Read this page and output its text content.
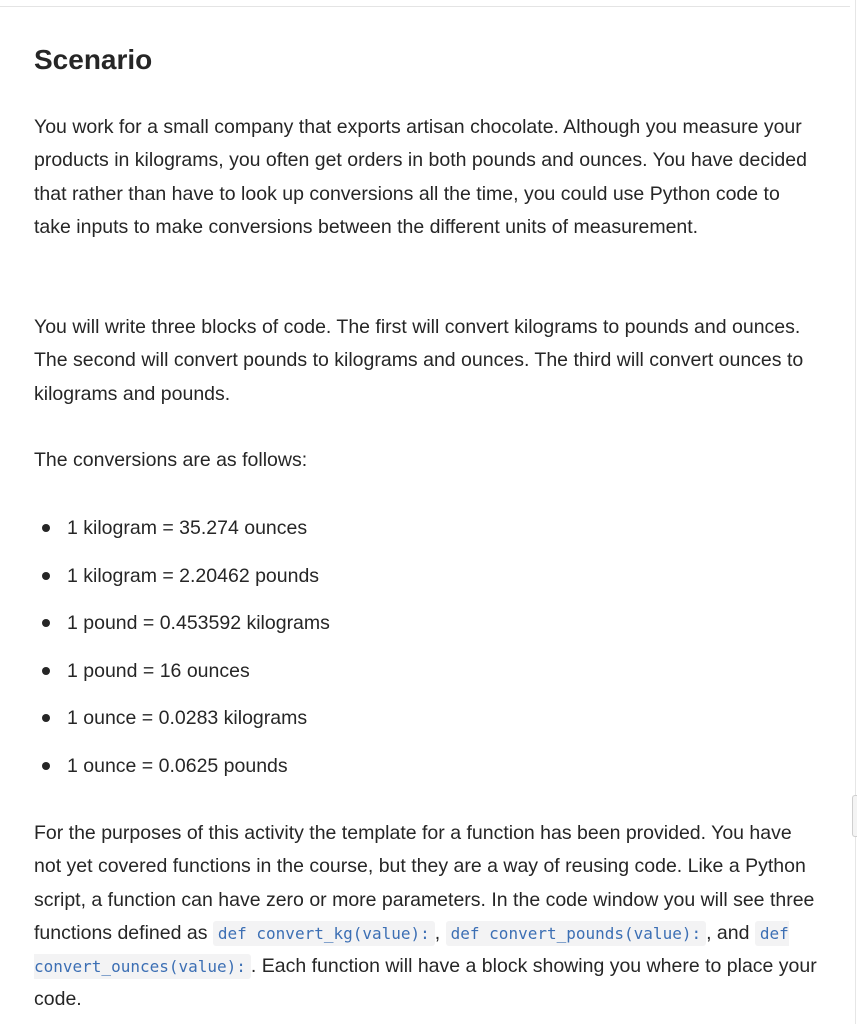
Scenario

You work for a small company that exports artisan chocolate. Although you measure your products in kilograms, you often get orders in both pounds and ounces. You have decided that rather than have to look up conversions all the time, you could use Python code to take inputs to make conversions between the different units of measurement.

You will write three blocks of code. The first will convert kilograms to pounds and ounces. The second will convert pounds to kilograms and ounces. The third will convert ounces to kilograms and pounds.

The conversions are as follows:

1 kilogram = 35.274 ounces
1 kilogram = 2.20462 pounds
1 pound = 0.453592 kilograms
1 pound = 16 ounces
1 ounce = 0.0283 kilograms
1 ounce = 0.0625 pounds

For the purposes of this activity the template for a function has been provided. You have not yet covered functions in the course, but they are a way of reusing code. Like a Python script, a function can have zero or more parameters. In the code window you will see three functions defined as def convert_kg(value): , def convert_pounds(value): , and def convert_ounces(value): . Each function will have a block showing you where to place your code.
